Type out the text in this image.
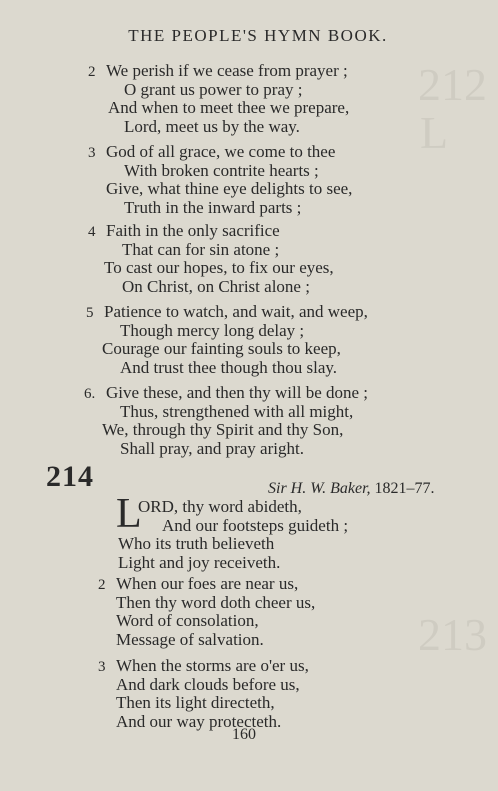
212
L
213
THE PEOPLE'S HYMN BOOK.
2 We perish if we cease from prayer ;
O grant us power to pray ;
And when to meet thee we prepare,
Lord, meet us by the way.
3 God of all grace, we come to thee
With broken contrite hearts ;
Give, what thine eye delights to see,
Truth in the inward parts ;
4 Faith in the only sacrifice
That can for sin atone ;
To cast our hopes, to fix our eyes,
On Christ, on Christ alone ;
5 Patience to watch, and wait, and weep,
Though mercy long delay ;
Courage our fainting souls to keep,
And trust thee though thou slay.
6. Give these, and then thy will be done ;
Thus, strengthened with all might,
We, through thy Spirit and thy Son,
Shall pray, and pray aright.
214	Sir H. W. Baker, 1821–77.
L
ORD, thy word abideth,
And our footsteps guideth ;
Who its truth believeth
Light and joy receiveth.
2 When our foes are near us,
Then thy word doth cheer us,
Word of consolation,
Message of salvation.
3 When the storms are o'er us,
And dark clouds before us,
Then its light directeth,
And our way protecteth.
160
